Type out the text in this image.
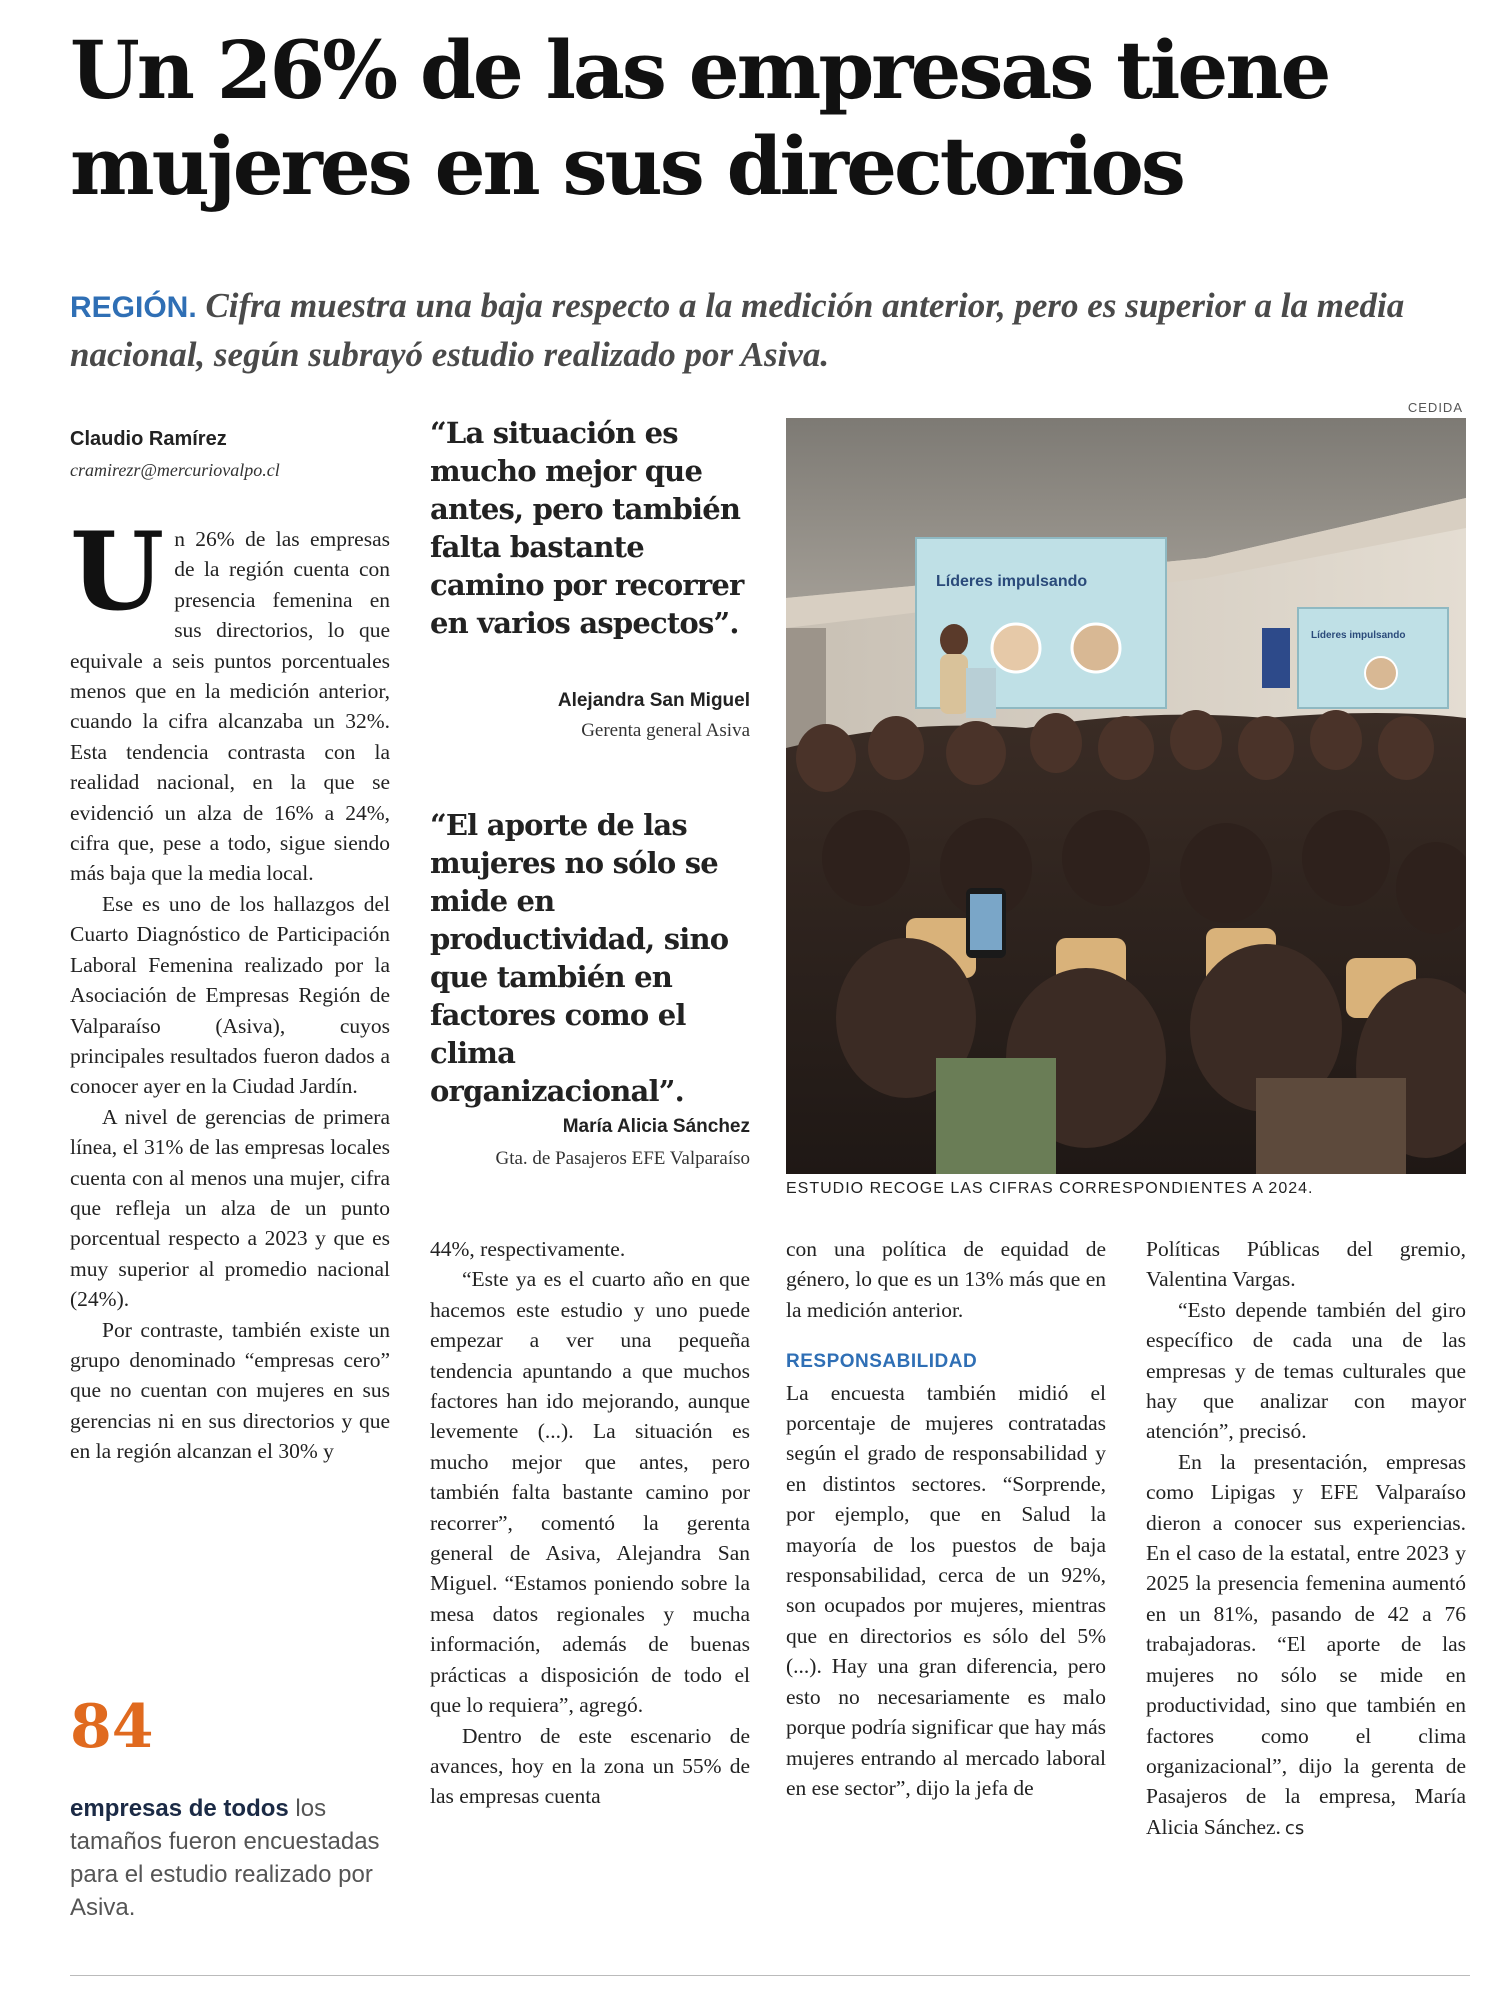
Un 26% de las empresas tiene
mujeres en sus directorios
REGIÓN. Cifra muestra una baja respecto a la medición anterior, pero es superior a la media nacional, según subrayó estudio realizado por Asiva.
Claudio Ramírez
cramirezr@mercuriovalpo.cl

Un 26% de las empresas de la región cuenta con presencia femenina en sus directorios, lo que equivale a seis puntos porcentuales menos que en la medición anterior, cuando la cifra alcanzaba un 32%. Esta tendencia contrasta con la realidad nacional, en la que se evidenció un alza de 16% a 24%, cifra que, pese a todo, sigue siendo más baja que la media local.

Ese es uno de los hallazgos del Cuarto Diagnóstico de Participación Laboral Femenina realizado por la Asociación de Empresas Región de Valparaíso (Asiva), cuyos principales resultados fueron dados a conocer ayer en la Ciudad Jardín.

A nivel de gerencias de primera línea, el 31% de las empresas locales cuenta con al menos una mujer, cifra que refleja un alza de un punto porcentual respecto a 2023 y que es muy superior al promedio nacional (24%).

Por contraste, también existe un grupo denominado “empresas cero” que no cuentan con mujeres en sus gerencias ni en sus directorios y que en la región alcanzan el 30% y

“La situación es mucho mejor que antes, pero también falta bastante camino por recorrer en varios aspectos”.
Alejandra San Miguel
Gerenta general Asiva
“El aporte de las mujeres no sólo se mide en productividad, sino que también en factores como el clima organizacional”.
María Alicia Sánchez
Gta. de Pasajeros EFE Valparaíso
CEDIDA
Líderes impulsando
Líderes impulsando
ESTUDIO RECOGE LAS CIFRAS CORRESPONDIENTES A 2024.
84
empresas de todos los tamaños fueron encuestadas para el estudio realizado por Asiva.

44%, respectivamente.

“Este ya es el cuarto año en que hacemos este estudio y uno puede empezar a ver una pequeña tendencia apuntando a que muchos factores han ido mejorando, aunque levemente (...). La situación es mucho mejor que antes, pero también falta bastante camino por recorrer”, comentó la gerenta general de Asiva, Alejandra San Miguel. “Estamos poniendo sobre la mesa datos regionales y mucha información, además de buenas prácticas a disposición de todo el que lo requiera”, agregó.

Dentro de este escenario de avances, hoy en la zona un 55% de las empresas cuenta

con una política de equidad de género, lo que es un 13% más que en la medición anterior.

RESPONSABILIDAD

La encuesta también midió el porcentaje de mujeres contratadas según el grado de responsabilidad y en distintos sectores. “Sorprende, por ejemplo, que en Salud la mayoría de los puestos de baja responsabilidad, cerca de un 92%, son ocupados por mujeres, mientras que en directorios es sólo del 5% (...). Hay una gran diferencia, pero esto no necesariamente es malo porque podría significar que hay más mujeres entrando al mercado laboral en ese sector”, dijo la jefa de

Políticas Públicas del gremio, Valentina Vargas.

“Esto depende también del giro específico de cada una de las empresas y de temas culturales que hay que analizar con mayor atención”, precisó.

En la presentación, empresas como Lipigas y EFE Valparaíso dieron a conocer sus experiencias. En el caso de la estatal, entre 2023 y 2025 la presencia femenina aumentó en un 81%, pasando de 42 a 76 trabajadoras. “El aporte de las mujeres no sólo se mide en productividad, sino que también en factores como el clima organizacional”, dijo la gerenta de Pasajeros de la empresa, María Alicia Sánchez. cs
